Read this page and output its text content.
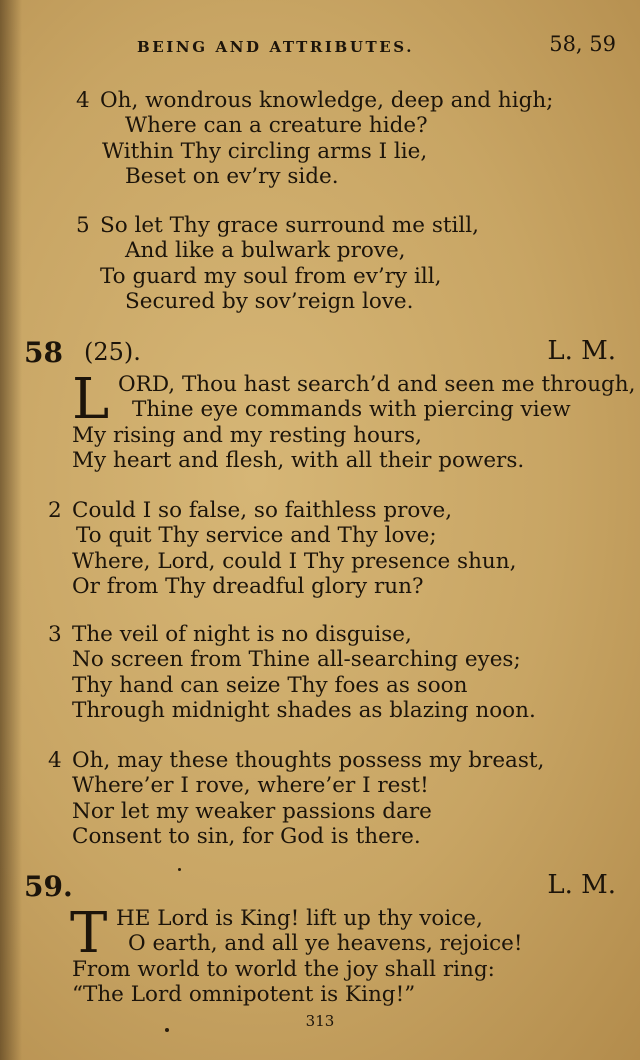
BEING AND ATTRIBUTES.	58, 59
4 Oh, wondrous knowledge, deep and high;
Where can a creature hide?
Within Thy circling arms I lie,
Beset on ev’ry side.
5 So let Thy grace surround me still,
And like a bulwark prove,
To guard my soul from ev’ry ill,
Secured by sov’reign love.
58 (25).	L. M.
L ORD, Thou hast search’d and seen me through,
Thine eye commands with piercing view
My rising and my resting hours,
My heart and flesh, with all their powers.
2 Could I so false, so faithless prove,
To quit Thy service and Thy love;
Where, Lord, could I Thy presence shun,
Or from Thy dreadful glory run?
3 The veil of night is no disguise,
No screen from Thine all-searching eyes;
Thy hand can seize Thy foes as soon
Through midnight shades as blazing noon.
4 Oh, may these thoughts possess my breast,
Where’er I rove, where’er I rest!
Nor let my weaker passions dare
Consent to sin, for God is there.
59.	L. M.
T HE Lord is King! lift up thy voice,
O earth, and all ye heavens, rejoice!
From world to world the joy shall ring:
“The Lord omnipotent is King!”
313
